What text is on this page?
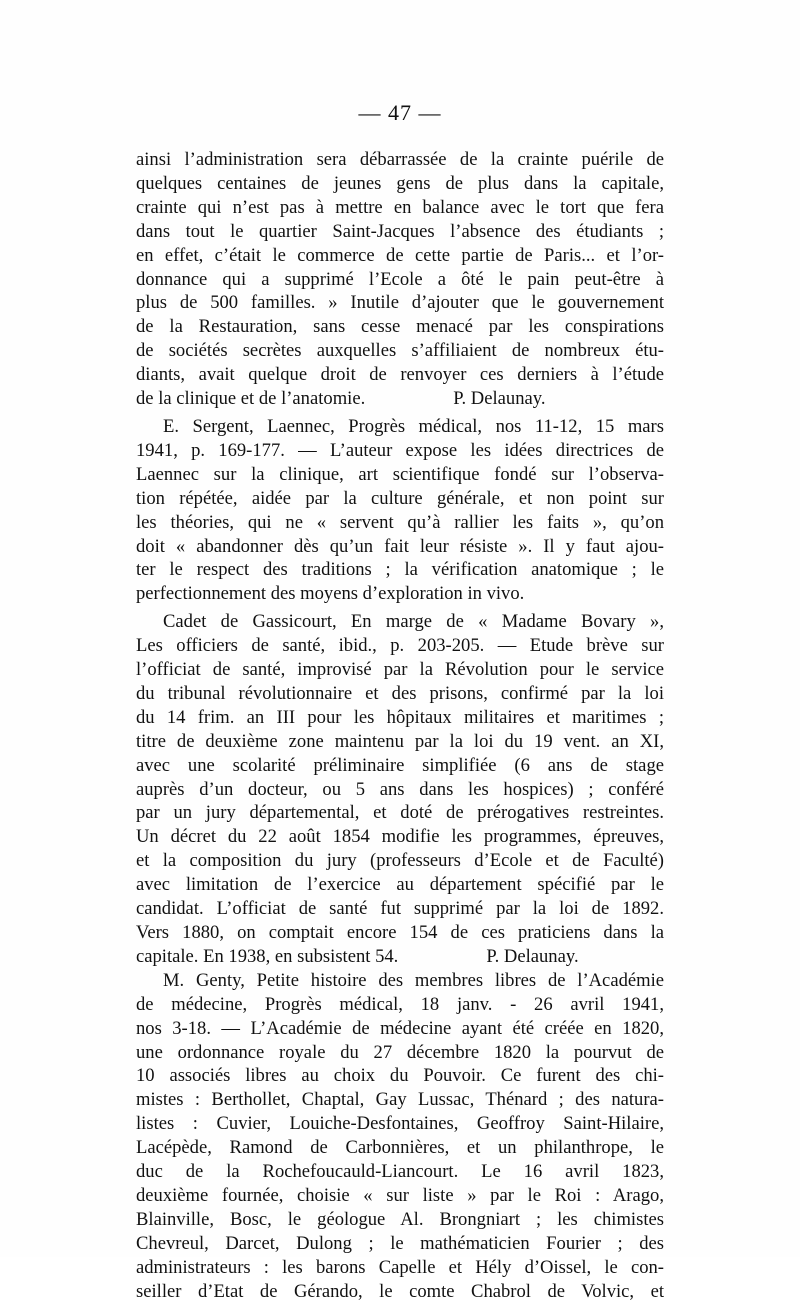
— 47 —
ainsi l’administration sera débarrassée de la crainte puérile de
quelques centaines de jeunes gens de plus dans la capitale,
crainte qui n’est pas à mettre en balance avec le tort que fera
dans tout le quartier Saint-Jacques l’absence des étudiants ;
en effet, c’était le commerce de cette partie de Paris... et l’or-
donnance qui a supprimé l’Ecole a ôté le pain peut-être à
plus de 500 familles. » Inutile d’ajouter que le gouvernement
de la Restauration, sans cesse menacé par les conspirations
de sociétés secrètes auxquelles s’affiliaient de nombreux étu-
diants, avait quelque droit de renvoyer ces derniers à l’étude
de la clinique et de l’anatomie.	P. Delaunay.
E. Sergent, Laennec, Progrès médical, nos 11-12, 15 mars
1941, p. 169-177. — L’auteur expose les idées directrices de
Laennec sur la clinique, art scientifique fondé sur l’observa-
tion répétée, aidée par la culture générale, et non point sur
les théories, qui ne « servent qu’à rallier les faits », qu’on
doit « abandonner dès qu’un fait leur résiste ». Il y faut ajou-
ter le respect des traditions ; la vérification anatomique ; le
perfectionnement des moyens d’exploration in vivo.
Cadet de Gassicourt, En marge de « Madame Bovary »,
Les officiers de santé, ibid., p. 203-205. — Etude brève sur
l’officiat de santé, improvisé par la Révolution pour le service
du tribunal révolutionnaire et des prisons, confirmé par la loi
du 14 frim. an III pour les hôpitaux militaires et maritimes ;
titre de deuxième zone maintenu par la loi du 19 vent. an XI,
avec une scolarité préliminaire simplifiée (6 ans de stage
auprès d’un docteur, ou 5 ans dans les hospices) ; conféré
par un jury départemental, et doté de prérogatives restreintes.
Un décret du 22 août 1854 modifie les programmes, épreuves,
et la composition du jury (professeurs d’Ecole et de Faculté)
avec limitation de l’exercice au département spécifié par le
candidat. L’officiat de santé fut supprimé par la loi de 1892.
Vers 1880, on comptait encore 154 de ces praticiens dans la
capitale. En 1938, en subsistent 54.	P. Delaunay.
M. Genty, Petite histoire des membres libres de l’Académie
de médecine, Progrès médical, 18 janv. - 26 avril 1941,
nos 3-18. — L’Académie de médecine ayant été créée en 1820,
une ordonnance royale du 27 décembre 1820 la pourvut de
10 associés libres au choix du Pouvoir. Ce furent des chi-
mistes : Berthollet, Chaptal, Gay Lussac, Thénard ; des natura-
listes : Cuvier, Louiche-Desfontaines, Geoffroy Saint-Hilaire,
Lacépède, Ramond de Carbonnières, et un philanthrope, le
duc de la Rochefoucauld-Liancourt. Le 16 avril 1823,
deuxième fournée, choisie « sur liste » par le Roi : Arago,
Blainville, Bosc, le géologue Al. Brongniart ; les chimistes
Chevreul, Darcet, Dulong ; le mathématicien Fourier ; des
administrateurs : les barons Capelle et Hély d’Oissel, le con-
seiller d’Etat de Gérando, le comte Chabrol de Volvic, et
